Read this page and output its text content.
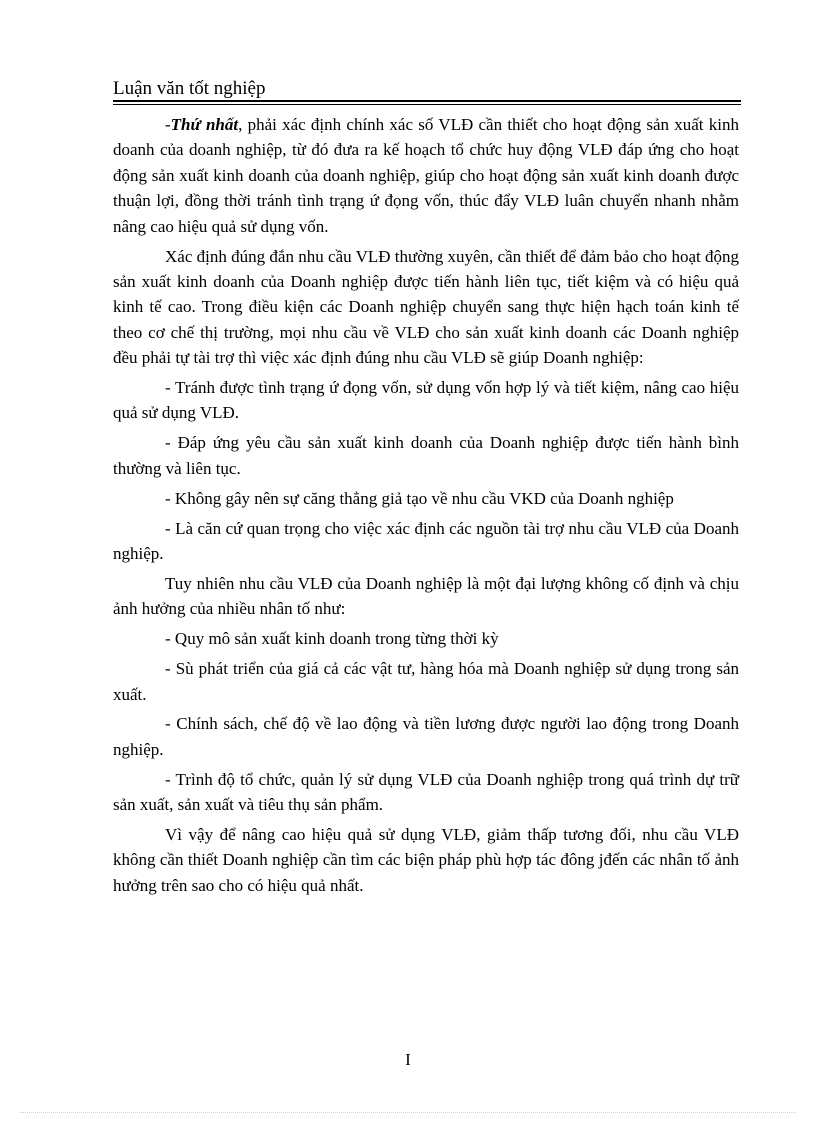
Luận văn tốt nghiệp

-Thứ nhất, phải xác định chính xác số VLĐ cần thiết cho hoạt động sản xuất kinh doanh của doanh nghiệp, từ đó đưa ra kế hoạch tổ chức huy động VLĐ đáp ứng cho hoạt động sản xuất kinh doanh của doanh nghiệp, giúp cho hoạt động sản xuất kinh doanh được thuận lợi, đồng thời tránh tình trạng ứ đọng vốn, thúc đẩy VLĐ luân chuyển nhanh nhằm nâng cao hiệu quả sử dụng vốn.

Xác định đúng đắn nhu cầu VLĐ thường xuyên, cần thiết để đảm bảo cho hoạt động sản xuất kinh doanh của Doanh nghiệp được tiến hành liên tục, tiết kiệm và có hiệu quả kinh tế cao. Trong điều kiện các Doanh nghiệp chuyển sang thực hiện hạch toán kinh tế theo cơ chế thị trường, mọi nhu cầu về VLĐ cho sản xuất kinh doanh các Doanh nghiệp đều phải tự tài trợ thì việc xác định đúng nhu cầu VLĐ sẽ giúp Doanh nghiệp:

- Tránh được tình trạng ứ đọng vốn, sử dụng vốn hợp lý và tiết kiệm, nâng cao hiệu quả sử dụng VLĐ.

- Đáp ứng yêu cầu sản xuất kinh doanh của Doanh nghiệp được tiến hành bình thường và liên tục.

- Không gây nên sự căng thẳng giả tạo về nhu cầu VKD của Doanh nghiệp

- Là căn cứ quan trọng cho việc xác định các nguồn tài trợ nhu cầu VLĐ của Doanh nghiệp.

Tuy nhiên nhu cầu VLĐ của Doanh nghiệp là một đại lượng không cố định và chịu ảnh hưởng của nhiều nhân tố như:

- Quy mô sản xuất kinh doanh trong từng thời kỳ

- Sù phát triển của giá cả các vật tư, hàng hóa mà Doanh nghiệp sử dụng trong sản xuất.

- Chính sách, chế độ về lao động và tiền lương được người lao động trong Doanh nghiệp.

- Trình độ tổ chức, quản lý sử dụng VLĐ của Doanh nghiệp trong quá trình dự trữ sản xuất, sản xuất và tiêu thụ sản phẩm.

Vì vậy để nâng cao hiệu quả sử dụng VLĐ, giảm thấp tương đối, nhu cầu VLĐ không cần thiết Doanh nghiệp cần tìm các biện pháp phù hợp tác đông jđến các nhân tố ảnh hưởng trên sao cho có hiệu quả nhất.

I
